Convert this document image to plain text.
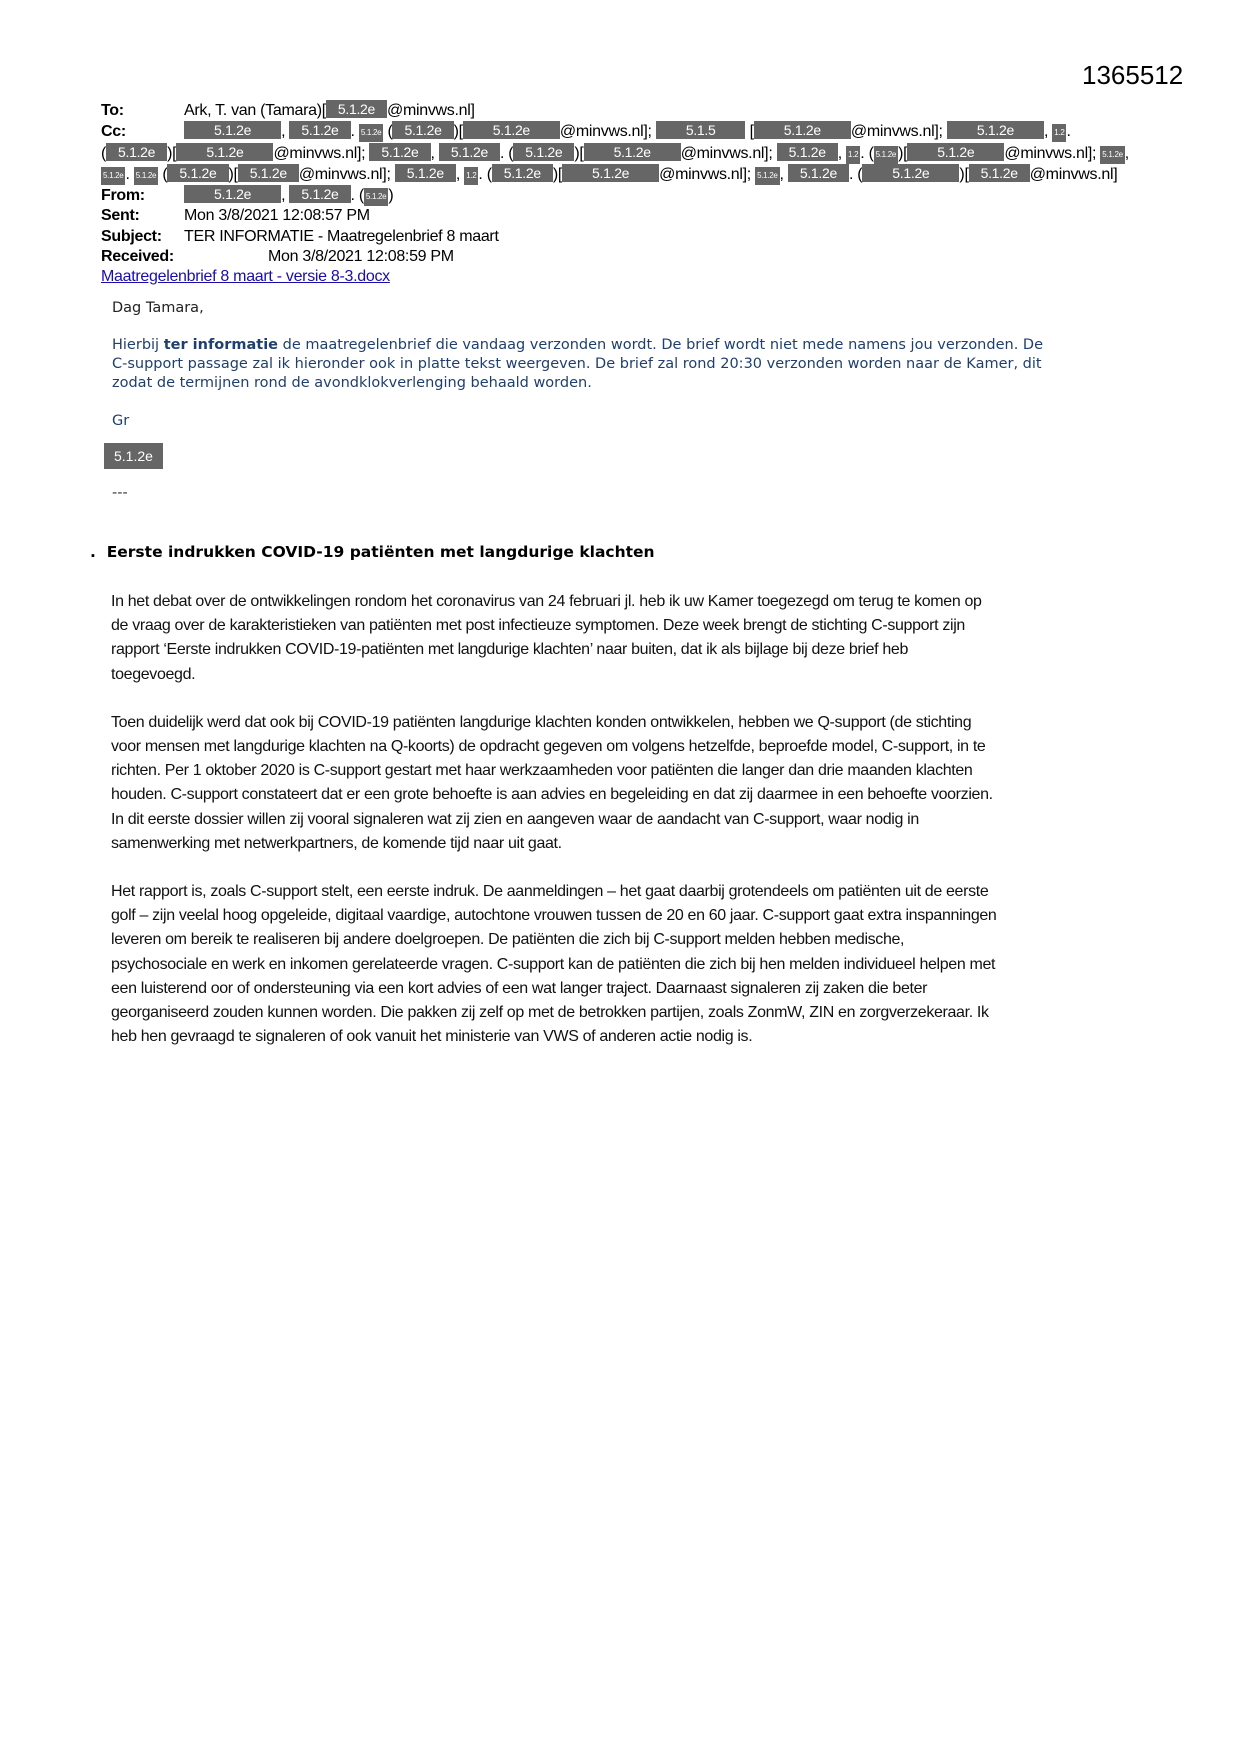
1365512
To:	Ark, T. van (Tamara)[ 5.1.2e @minvws.nl]
Cc:	5.1.2e , 5.1.2e . 5.1.2e ( 5.1.2e )[ 5.1.2e @minvws.nl]; 5.1.5 [ 5.1.2e @minvws.nl]; 5.1.2e , 1.2 .
( 5.1.2e )[ 5.1.2e @minvws.nl]; 5.1.2e , 5.1.2e . ( 5.1.2e )[ 5.1.2e @minvws.nl]; 5.1.2e , 1.2 . ( 5.1.2e )[ 5.1.2e @minvws.nl]; 5.1.2e ,
5.1.2e . 5.1.2e ( 5.1.2e )[ 5.1.2e @minvws.nl]; 5.1.2e , 1.2 . ( 5.1.2e )[ 5.1.2e @minvws.nl]; 5.1.2e , 5.1.2e . ( 5.1.2e )[ 5.1.2e @minvws.nl]
From:	5.1.2e , 5.1.2e . ( 5.1.2e )
Sent:	Mon 3/8/2021 12:08:57 PM
Subject: TER INFORMATIE - Maatregelenbrief 8 maart
Received:	Mon 3/8/2021 12:08:59 PM
Maatregelenbrief 8 maart - versie 8-3.docx

Dag Tamara,

Hierbij ter informatie de maatregelenbrief die vandaag verzonden wordt. De brief wordt niet mede namens jou verzonden. De
C-support passage zal ik hieronder ook in platte tekst weergeven. De brief zal rond 20:30 verzonden worden naar de Kamer, dit
zodat de termijnen rond de avondklokverlenging behaald worden.

Gr

5.1.2e

---

. Eerste indrukken COVID-19 patiënten met langdurige klachten
In het debat over de ontwikkelingen rondom het coronavirus van 24 februari jl. heb ik uw Kamer toegezegd om terug te komen op
de vraag over de karakteristieken van patiënten met post infectieuze symptomen. Deze week brengt de stichting C-support zijn
rapport ‘Eerste indrukken COVID-19-patiënten met langdurige klachten’ naar buiten, dat ik als bijlage bij deze brief heb
toegevoegd.
Toen duidelijk werd dat ook bij COVID-19 patiënten langdurige klachten konden ontwikkelen, hebben we Q-support (de stichting
voor mensen met langdurige klachten na Q-koorts) de opdracht gegeven om volgens hetzelfde, beproefde model, C-support, in te
richten. Per 1 oktober 2020 is C-support gestart met haar werkzaamheden voor patiënten die langer dan drie maanden klachten
houden. C-support constateert dat er een grote behoefte is aan advies en begeleiding en dat zij daarmee in een behoefte voorzien.
In dit eerste dossier willen zij vooral signaleren wat zij zien en aangeven waar de aandacht van C-support, waar nodig in
samenwerking met netwerkpartners, de komende tijd naar uit gaat.
Het rapport is, zoals C-support stelt, een eerste indruk. De aanmeldingen – het gaat daarbij grotendeels om patiënten uit de eerste
golf – zijn veelal hoog opgeleide, digitaal vaardige, autochtone vrouwen tussen de 20 en 60 jaar. C-support gaat extra inspanningen
leveren om bereik te realiseren bij andere doelgroepen. De patiënten die zich bij C-support melden hebben medische,
psychosociale en werk en inkomen gerelateerde vragen. C-support kan de patiënten die zich bij hen melden individueel helpen met
een luisterend oor of ondersteuning via een kort advies of een wat langer traject. Daarnaast signaleren zij zaken die beter
georganiseerd zouden kunnen worden. Die pakken zij zelf op met de betrokken partijen, zoals ZonmW, ZIN en zorgverzekeraar. Ik
heb hen gevraagd te signaleren of ook vanuit het ministerie van VWS of anderen actie nodig is.
